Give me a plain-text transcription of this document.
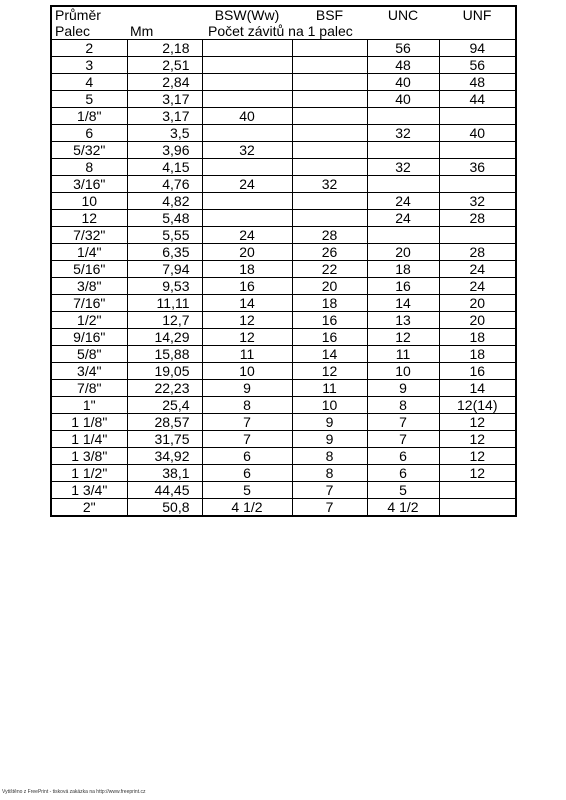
Průměr		BSW(Ww)	BSF	UNC	UNF
Palec	Mm	Počet závitů na 1 palec			
2	2,18			56	94
3	2,51			48	56
4	2,84			40	48
5	3,17			40	44
1/8"	3,17	40			
6	3,5			32	40
5/32"	3,96	32			
8	4,15			32	36
3/16"	4,76	24	32		
10	4,82			24	32
12	5,48			24	28
7/32"	5,55	24	28		
1/4"	6,35	20	26	20	28
5/16"	7,94	18	22	18	24
3/8"	9,53	16	20	16	24
7/16"	11,11	14	18	14	20
1/2"	12,7	12	16	13	20
9/16"	14,29	12	16	12	18
5/8"	15,88	11	14	11	18
3/4"	19,05	10	12	10	16
7/8"	22,23	9	11	9	14
1"	25,4	8	10	8	12(14)
1 1/8"	28,57	7	9	7	12
1 1/4"	31,75	7	9	7	12
1 3/8"	34,92	6	8	6	12
1 1/2"	38,1	6	8	6	12
1 3/4"	44,45	5	7	5	
2"	50,8	4 1/2	7	4 1/2	
Vytištěno z FreePrint - tisková zakázka na http://www.freeprint.cz
